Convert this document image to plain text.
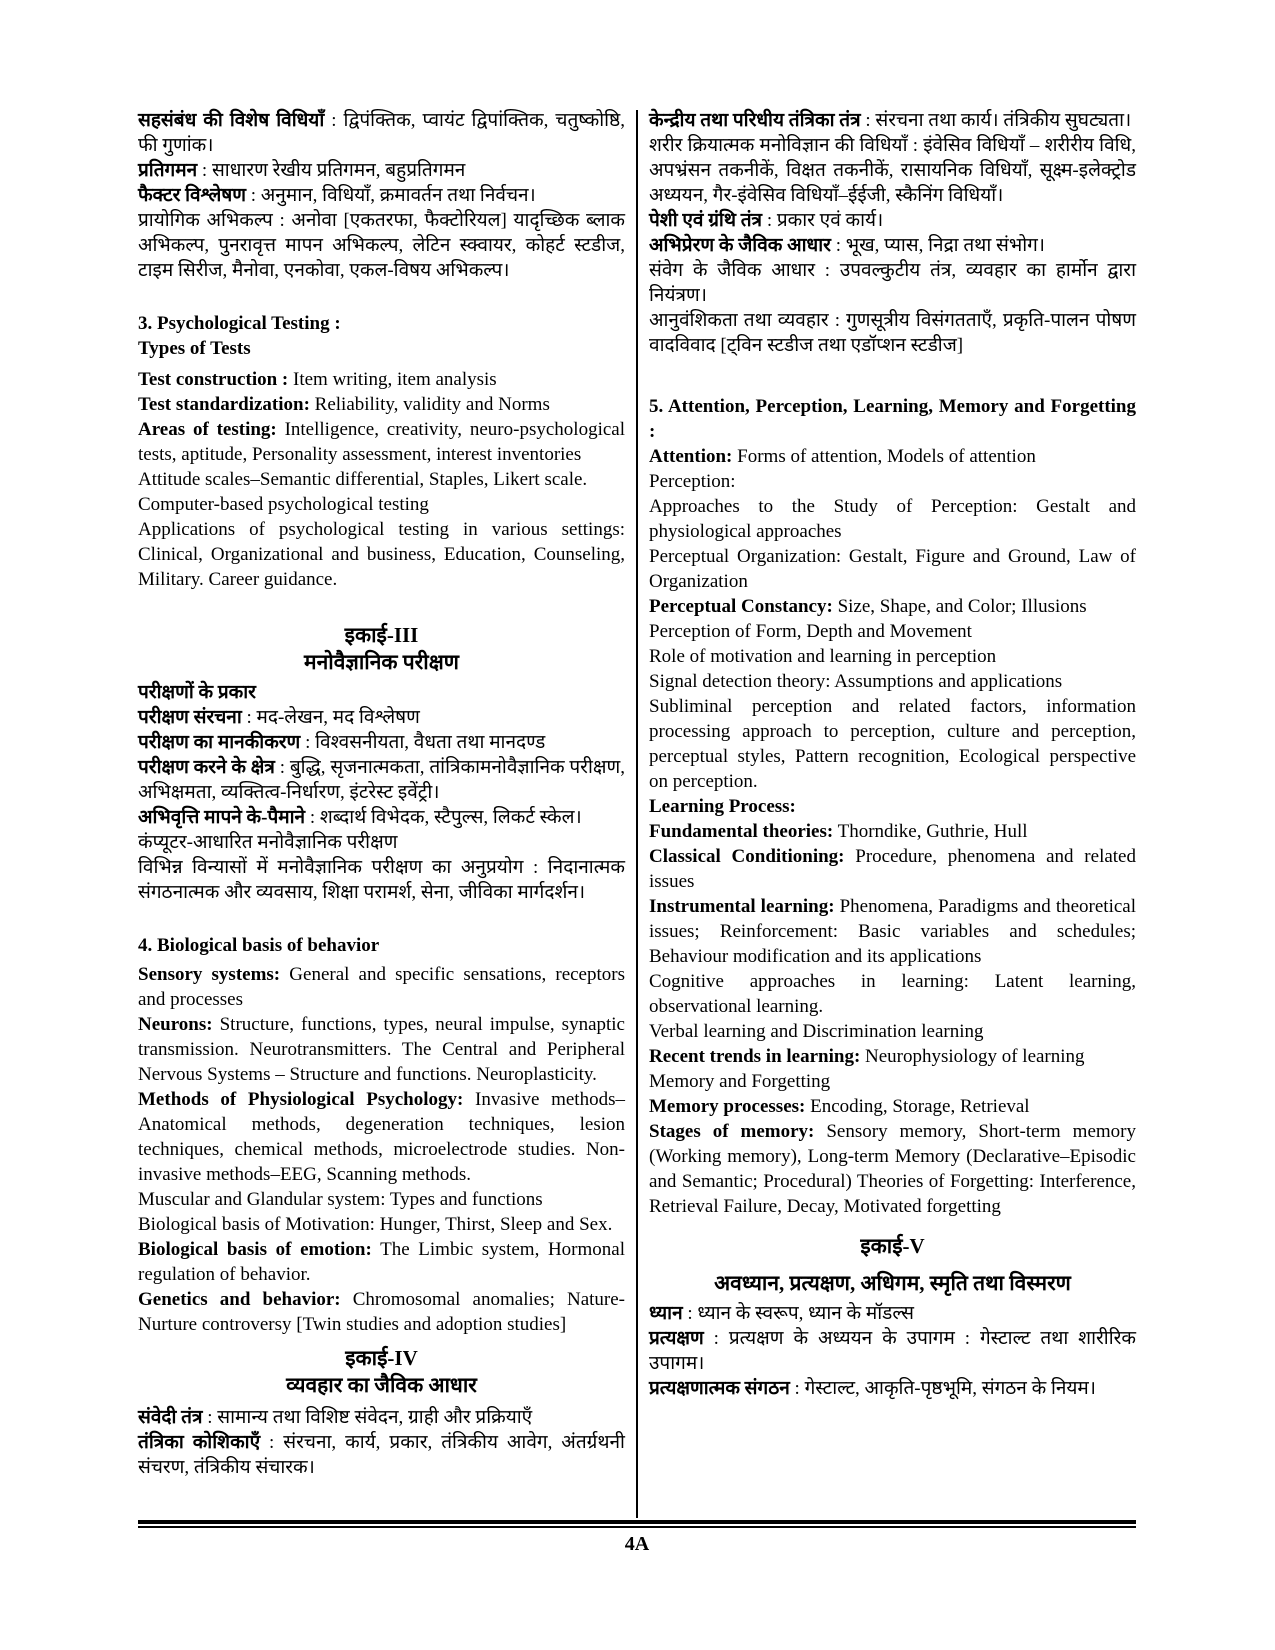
सहसंबंध की विशेष विधियाँ : द्विपंक्तिक, प्वायंट द्विपांक्तिक, चतुष्कोष्ठि, फी गुणांक।

प्रतिगमन : साधारण रेखीय प्रतिगमन, बहुप्रतिगमन

फैक्टर विश्लेषण : अनुमान, विधियाँ, क्रमावर्तन तथा निर्वचन।

प्रायोगिक अभिकल्प : अनोवा [एकतरफा, फैक्टोरियल] यादृच्छिक ब्लाक अभिकल्प, पुनरावृत्त मापन अभिकल्प, लेटिन स्क्वायर, कोहर्ट स्टडीज, टाइम सिरीज, मैनोवा, एनकोवा, एकल-विषय अभिकल्प।

3. Psychological Testing :

Types of Tests

Test construction : Item writing, item analysis

Test standardization: Reliability, validity and Norms

Areas of testing: Intelligence, creativity, neuro-psychological tests, aptitude, Personality assessment, interest inventories

Attitude scales–Semantic differential, Staples, Likert scale.

Computer-based psychological testing

Applications of psychological testing in various settings: Clinical, Organizational and business, Education, Counseling, Military. Career guidance.

इकाई-III

मनोवैज्ञानिक परीक्षण

परीक्षणों के प्रकार

परीक्षण संरचना : मद-लेखन, मद विश्लेषण

परीक्षण का मानकीकरण : विश्वसनीयता, वैधता तथा मानदण्ड

परीक्षण करने के क्षेत्र : बुद्धि, सृजनात्मकता, तांत्रिकामनोवैज्ञानिक परीक्षण, अभिक्षमता, व्यक्तित्व-निर्धारण, इंटरेस्ट इवेंट्री।

अभिवृत्ति मापने के-पैमाने : शब्दार्थ विभेदक, स्टैपुल्स, लिकर्ट स्केल।

कंप्यूटर-आधारित मनोवैज्ञानिक परीक्षण

विभिन्न विन्यासों में मनोवैज्ञानिक परीक्षण का अनुप्रयोग : निदानात्मक संगठनात्मक और व्यवसाय, शिक्षा परामर्श, सेना, जीविका मार्गदर्शन।

4. Biological basis of behavior

Sensory systems: General and specific sensations, receptors and processes

Neurons: Structure, functions, types, neural impulse, synaptic transmission. Neurotransmitters. The Central and Peripheral Nervous Systems – Structure and functions. Neuroplasticity.

Methods of Physiological Psychology: Invasive methods–Anatomical methods, degeneration techniques, lesion techniques, chemical methods, microelectrode studies. Non-invasive methods–EEG, Scanning methods.

Muscular and Glandular system: Types and functions

Biological basis of Motivation: Hunger, Thirst, Sleep and Sex.

Biological basis of emotion: The Limbic system, Hormonal regulation of behavior.

Genetics and behavior: Chromosomal anomalies; Nature-Nurture controversy [Twin studies and adoption studies]

इकाई-IV

व्यवहार का जैविक आधार

संवेदी तंत्र : सामान्य तथा विशिष्ट संवेदन, ग्राही और प्रक्रियाएँ

तंत्रिका कोशिकाएँ : संरचना, कार्य, प्रकार, तंत्रिकीय आवेग, अंतर्ग्रथनी संचरण, तंत्रिकीय संचारक।

केन्द्रीय तथा परिधीय तंत्रिका तंत्र : संरचना तथा कार्य। तंत्रिकीय सुघट्यता।

शरीर क्रियात्मक मनोविज्ञान की विधियाँ : इंवेसिव विधियाँ – शरीरीय विधि, अपभ्रंसन तकनीकें, विक्षत तकनीकें, रासायनिक विधियाँ, सूक्ष्म-इलेक्ट्रोड अध्ययन, गैर-इंवेसिव विधियाँ–ईईजी, स्कैनिंग विधियाँ।

पेशी एवं ग्रंथि तंत्र : प्रकार एवं कार्य।

अभिप्रेरण के जैविक आधार : भूख, प्यास, निद्रा तथा संभोग।

संवेग के जैविक आधार : उपवल्कुटीय तंत्र, व्यवहार का हार्मोन द्वारा नियंत्रण।

आनुवंशिकता तथा व्यवहार : गुणसूत्रीय विसंगतताएँ, प्रकृति-पालन पोषण वादविवाद [ट्विन स्टडीज तथा एडॉप्शन स्टडीज]

5. Attention, Perception, Learning, Memory and Forgetting :

Attention: Forms of attention, Models of attention

Perception:

Approaches to the Study of Perception: Gestalt and physiological approaches

Perceptual Organization: Gestalt, Figure and Ground, Law of Organization

Perceptual Constancy: Size, Shape, and Color; Illusions

Perception of Form, Depth and Movement

Role of motivation and learning in perception

Signal detection theory: Assumptions and applications

Subliminal perception and related factors, information processing approach to perception, culture and perception, perceptual styles, Pattern recognition, Ecological perspective on perception.

Learning Process:

Fundamental theories: Thorndike, Guthrie, Hull

Classical Conditioning: Procedure, phenomena and related issues

Instrumental learning: Phenomena, Paradigms and theoretical issues; Reinforcement: Basic variables and schedules; Behaviour modification and its applications

Cognitive approaches in learning: Latent learning, observational learning.

Verbal learning and Discrimination learning

Recent trends in learning: Neurophysiology of learning

Memory and Forgetting

Memory processes: Encoding, Storage, Retrieval

Stages of memory: Sensory memory, Short-term memory (Working memory), Long-term Memory (Declarative–Episodic and Semantic; Procedural) Theories of Forgetting: Interference, Retrieval Failure, Decay, Motivated forgetting

इकाई-V

अवध्यान, प्रत्यक्षण, अधिगम, स्मृति तथा विस्मरण

ध्यान : ध्यान के स्वरूप, ध्यान के मॉडल्स

प्रत्यक्षण : प्रत्यक्षण के अध्ययन के उपागम : गेस्टाल्ट तथा शारीरिक उपागम।

प्रत्यक्षणात्मक संगठन : गेस्टाल्ट, आकृति-पृष्ठभूमि, संगठन के नियम।

4A
